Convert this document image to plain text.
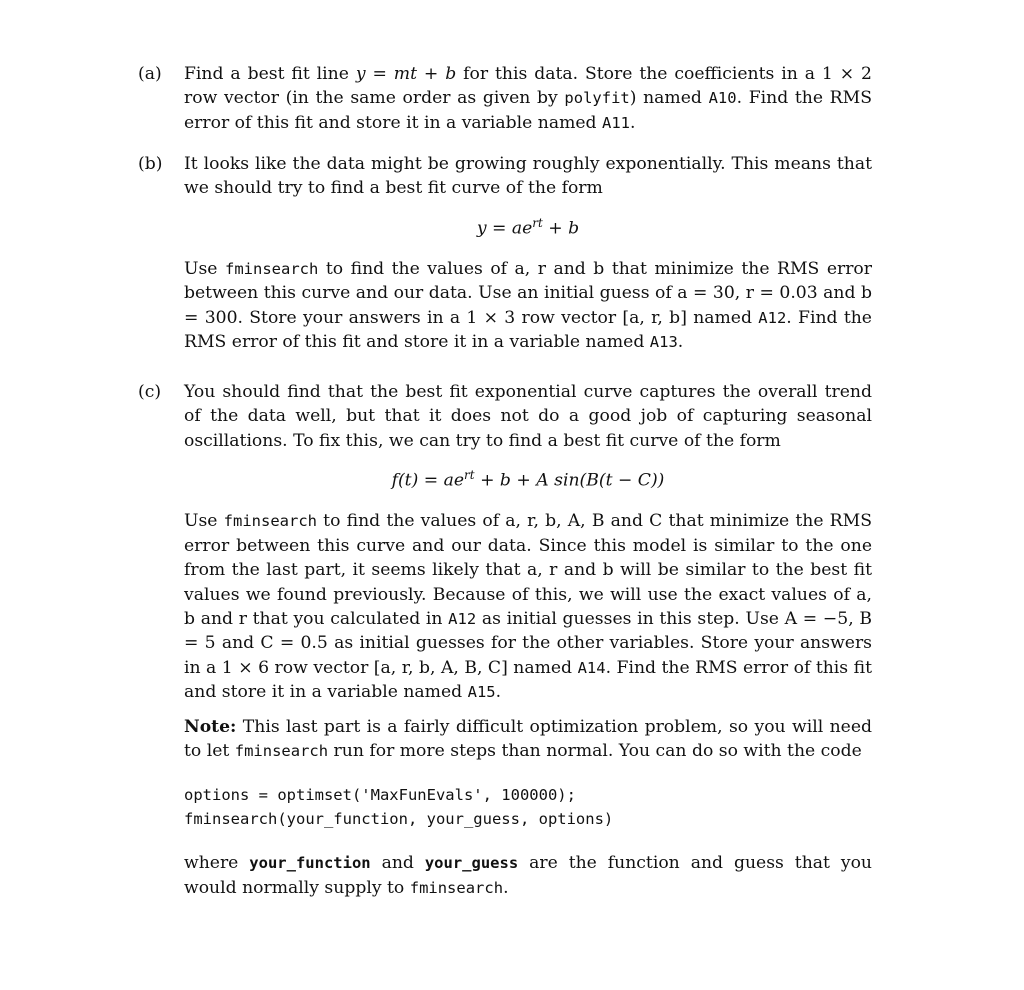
(a)	Find a best fit line y = mt + b for this data. Store the coefficients in a 1 × 2 row vector (in the same order as given by polyfit) named A10. Find the RMS error of this fit and store it in a variable named A11.

(b)	It looks like the data might be growing roughly exponentially. This means that we should try to find a best fit curve of the form

$y = ae^{rt} + b$

Use fminsearch to find the values of a, r and b that minimize the RMS error between this curve and our data. Use an initial guess of a = 30, r = 0.03 and b = 300. Store your answers in a 1 × 3 row vector [a, r, b] named A12. Find the RMS error of this fit and store it in a variable named A13.

(c)	You should find that the best fit exponential curve captures the overall trend of the data well, but that it does not do a good job of capturing seasonal oscillations. To fix this, we can try to find a best fit curve of the form

$f(t) = ae^{rt} + b + A$ sin(B(t − C))

Use fminsearch to find the values of a, r, b, A, B and C that minimize the RMS error between this curve and our data. Since this model is similar to the one from the last part, it seems likely that a, r and b will be similar to the best fit values we found previously. Because of this, we will use the exact values of a, b and r that you calculated in A12 as initial guesses in this step. Use A = −5, B = 5 and C = 0.5 as initial guesses for the other variables. Store your answers in a 1 × 6 row vector [a, r, b, A, B, C] named A14. Find the RMS error of this fit and store it in a variable named A15.

Note: This last part is a fairly difficult optimization problem, so you will need to let fminsearch run for more steps than normal. You can do so with the code

options = optimset('MaxFunEvals', 100000);
fminsearch(your_function, your_guess, options)

where your_function and your_guess are the function and guess that you would normally supply to fminsearch.
